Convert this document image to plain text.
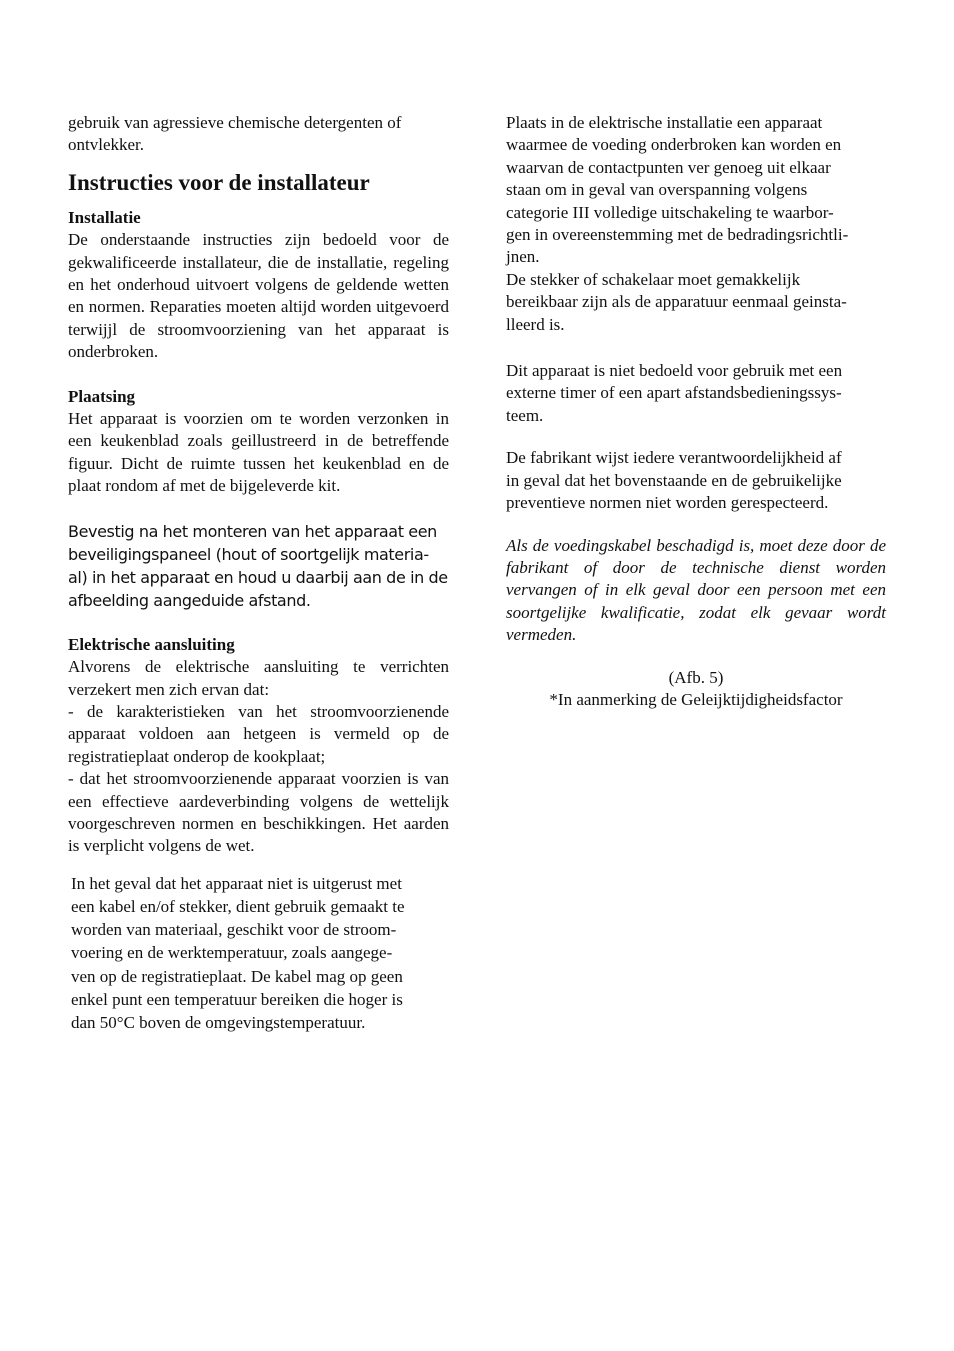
gebruik van agressieve chemische detergenten of

ontvlekker.

Instructies voor de installateur

Installatie

De onderstaande instructies zijn bedoeld voor de gekwalificeerde installateur, die de installatie, regeling en het onderhoud uitvoert volgens de geldende wetten en normen. Reparaties moeten altijd worden uitgevoerd terwijjl de stroomvoorziening van het apparaat is onderbroken.

Plaatsing

Het apparaat is voorzien om te worden verzonken in een keukenblad zoals geillustreerd in de betreffende figuur. Dicht de ruimte tussen het keukenblad en de plaat rondom af met de bijgeleverde kit.

Bevestig na het monteren van het apparaat een

beveiligingspaneel (hout of soortgelijk materia-

al) in het apparaat en houd u daarbij aan de in de

afbeelding aangeduide afstand.

Elektrische aansluiting

Alvorens de elektrische aansluiting te verrichten verzekert men zich ervan dat:

- de karakteristieken van het stroomvoorzienende apparaat voldoen aan hetgeen is vermeld op de registratieplaat onderop de kookplaat;

- dat het stroomvoorzienende apparaat voorzien is van een effectieve aardeverbinding volgens de wettelijk voorgeschreven normen en beschikkingen. Het aarden is verplicht volgens de wet.

In het geval dat het apparaat niet is uitgerust met

een kabel en/of stekker, dient gebruik gemaakt te

worden van materiaal, geschikt voor de stroom-

voering en de werktemperatuur, zoals aangege-

ven op de registratieplaat. De kabel mag op geen

enkel punt een temperatuur bereiken die hoger is

dan 50°C boven de omgevingstemperatuur.

Plaats in de elektrische installatie een apparaat

waarmee de voeding onderbroken kan worden en

waarvan de contactpunten ver genoeg uit elkaar

staan om in geval van overspanning volgens

categorie III volledige uitschakeling te waarbor-

gen in overeenstemming met de bedradingsrichtli-

jnen.

De stekker of schakelaar moet gemakkelijk

bereikbaar zijn als de apparatuur eenmaal geinsta-

lleerd is.

Dit apparaat is niet bedoeld voor gebruik met een

externe timer of een apart afstandsbedieningssys-

teem.

De fabrikant wijst iedere verantwoordelijkheid af

in geval dat het bovenstaande en de gebruikelijke

preventieve normen niet worden gerespecteerd.

Als de voedingskabel beschadigd is, moet deze door de fabrikant of door de technische dienst worden vervangen of in elk geval door een persoon met een soortgelijke kwalificatie, zodat elk gevaar wordt vermeden.

(Afb. 5)

*In aanmerking de Geleijktijdigheidsfactor
